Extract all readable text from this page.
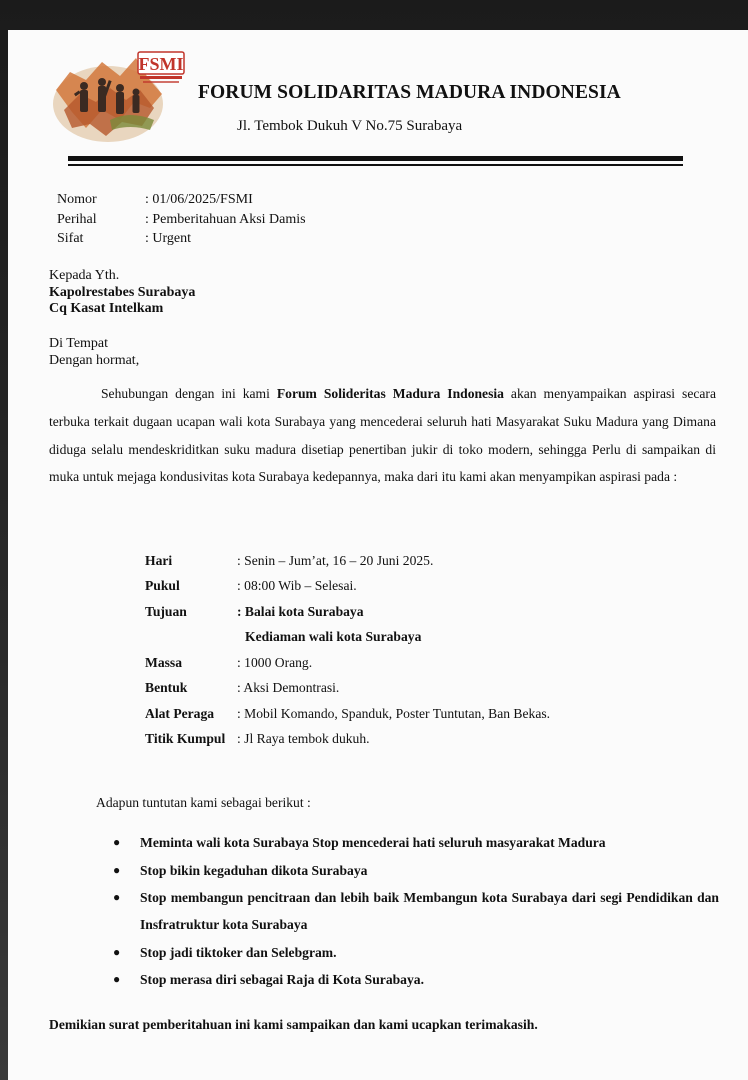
FSMI
FORUM SOLIDARITAS MADURA INDONESIA
Jl. Tembok Dukuh V No.75 Surabaya
Nomor	: 01/06/2025/FSMI
Perihal	: Pemberitahuan Aksi Damis
Sifat	: Urgent
Kepada Yth.
Kapolrestabes Surabaya
Cq Kasat Intelkam
Di Tempat
Dengan hormat,
Sehubungan dengan ini kami Forum Solideritas Madura Indonesia akan menyampaikan aspirasi secara terbuka terkait dugaan ucapan wali kota Surabaya yang mencederai seluruh hati Masyarakat Suku Madura yang Dimana diduga selalu mendeskriditkan suku madura disetiap penertiban jukir di toko modern, sehingga Perlu di sampaikan di muka untuk mejaga kondusivitas kota Surabaya kedepannya, maka dari itu kami akan menyampikan aspirasi pada :
Hari	: Senin – Jum’at, 16 – 20 Juni 2025.
Pukul	: 08:00 Wib – Selesai.
Tujuan	: Balai kota Surabaya
Kediaman wali kota Surabaya
Massa	: 1000 Orang.
Bentuk	: Aksi Demontrasi.
Alat Peraga	: Mobil Komando, Spanduk, Poster Tuntutan, Ban Bekas.
Titik Kumpul : Jl Raya tembok dukuh.
Adapun tuntutan kami sebagai berikut :
●	Meminta wali kota Surabaya Stop mencederai hati seluruh masyarakat Madura
●	Stop bikin kegaduhan dikota Surabaya
●	Stop membangun pencitraan dan lebih baik Membangun kota Surabaya dari segi Pendidikan dan Insfratruktur kota Surabaya
●	Stop jadi tiktoker dan Selebgram.
●	Stop merasa diri sebagai Raja di Kota Surabaya.
Demikian surat pemberitahuan ini kami sampaikan dan kami ucapkan terimakasih.
